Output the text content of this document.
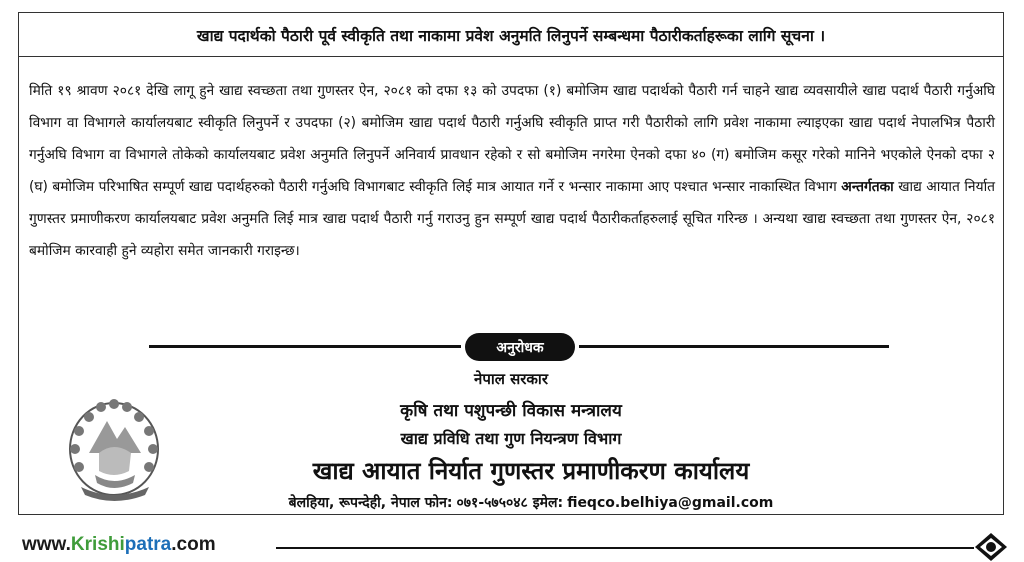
खाद्य पदार्थको पैठारी पूर्व स्वीकृति तथा नाकामा प्रवेश अनुमति लिनुपर्ने सम्बन्धमा पैठारीकर्ताहरूका लागि सूचना ।

मिति १९ श्रावण २०८१ देखि लागू हुने खाद्य स्वच्छता तथा गुणस्तर ऐन, २०८१ को दफा १३ को उपदफा (१) बमोजिम खाद्य पदार्थको पैठारी गर्न चाहने खाद्य व्यवसायीले खाद्य पदार्थ पैठारी गर्नुअघि विभाग वा विभागले कार्यालयबाट स्वीकृति लिनुपर्ने र उपदफा (२) बमोजिम खाद्य पदार्थ पैठारी गर्नुअघि स्वीकृति प्राप्त गरी पैठारीको लागि प्रवेश नाकामा ल्याइएका खाद्य पदार्थ नेपालभित्र पैठारी गर्नुअघि विभाग वा विभागले तोकेको कार्यालयबाट प्रवेश अनुमति लिनुपर्ने अनिवार्य प्रावधान रहेको र सो बमोजिम नगरेमा ऐनको दफा ४० (ग) बमोजिम कसूर गरेको मानिने भएकोले ऐनको दफा २ (घ) बमोजिम परिभाषित सम्पूर्ण खाद्य पदार्थहरुको पैठारी गर्नुअघि विभागबाट स्वीकृति लिई मात्र आयात गर्ने र भन्सार नाकामा आए पश्चात भन्सार नाकास्थित विभाग अन्तर्गतका खाद्य आयात निर्यात गुणस्तर प्रमाणीकरण कार्यालयबाट प्रवेश अनुमति लिई मात्र खाद्य पदार्थ पैठारी गर्नु गराउनु हुन सम्पूर्ण खाद्य पदार्थ पैठारीकर्ताहरुलाई सूचित गरिन्छ । अन्यथा खाद्य स्वच्छता तथा गुणस्तर ऐन, २०८१ बमोजिम कारवाही हुने व्यहोरा समेत जानकारी गराइन्छ।

अनुरोधक
नेपाल सरकार
कृषि तथा पशुपन्छी विकास मन्त्रालय
खाद्य प्रविधि तथा गुण नियन्त्रण विभाग
खाद्य आयात निर्यात गुणस्तर प्रमाणीकरण कार्यालय
बेलहिया, रूपन्देही, नेपाल फोन: ०७१-५७५०४८ इमेल: fieqco.belhiya@gmail.com
www.Krishipatra.com
